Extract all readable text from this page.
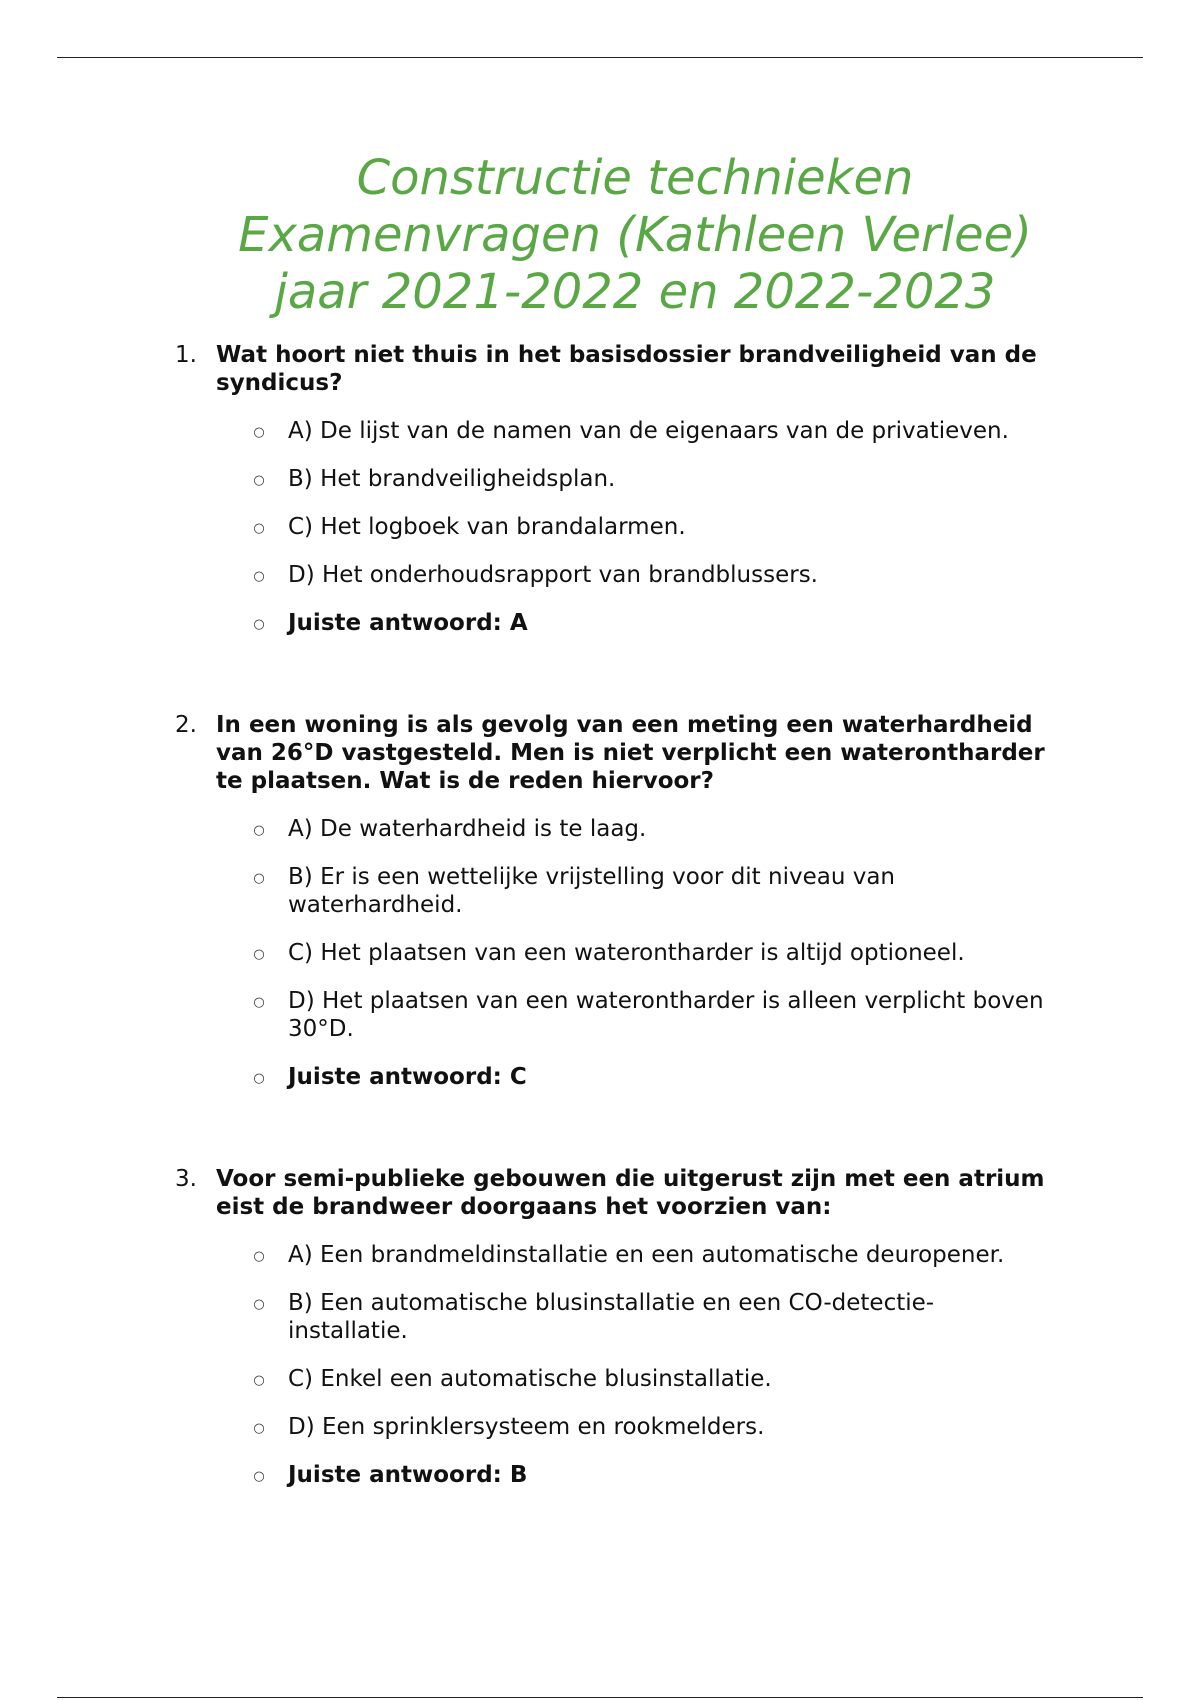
Constructie technieken
Examenvragen (Kathleen Verlee)
jaar 2021-2022 en 2022-2023
1. Wat hoort niet thuis in het basisdossier brandveiligheid van de syndicus?
○ A) De lijst van de namen van de eigenaars van de privatieven.
○ B) Het brandveiligheidsplan.
○ C) Het logboek van brandalarmen.
○ D) Het onderhoudsrapport van brandblussers.
○ Juiste antwoord: A
2. In een woning is als gevolg van een meting een waterhardheid van 26°D vastgesteld. Men is niet verplicht een waterontharder te plaatsen. Wat is de reden hiervoor?
○ A) De waterhardheid is te laag.
○ B) Er is een wettelijke vrijstelling voor dit niveau van waterhardheid.
○ C) Het plaatsen van een waterontharder is altijd optioneel.
○ D) Het plaatsen van een waterontharder is alleen verplicht boven 30°D.
○ Juiste antwoord: C
3. Voor semi-publieke gebouwen die uitgerust zijn met een atrium eist de brandweer doorgaans het voorzien van:
○ A) Een brandmeldinstallatie en een automatische deuropener.
○ B) Een automatische blusinstallatie en een CO-detectie-installatie.
○ C) Enkel een automatische blusinstallatie.
○ D) Een sprinklersysteem en rookmelders.
○ Juiste antwoord: B
